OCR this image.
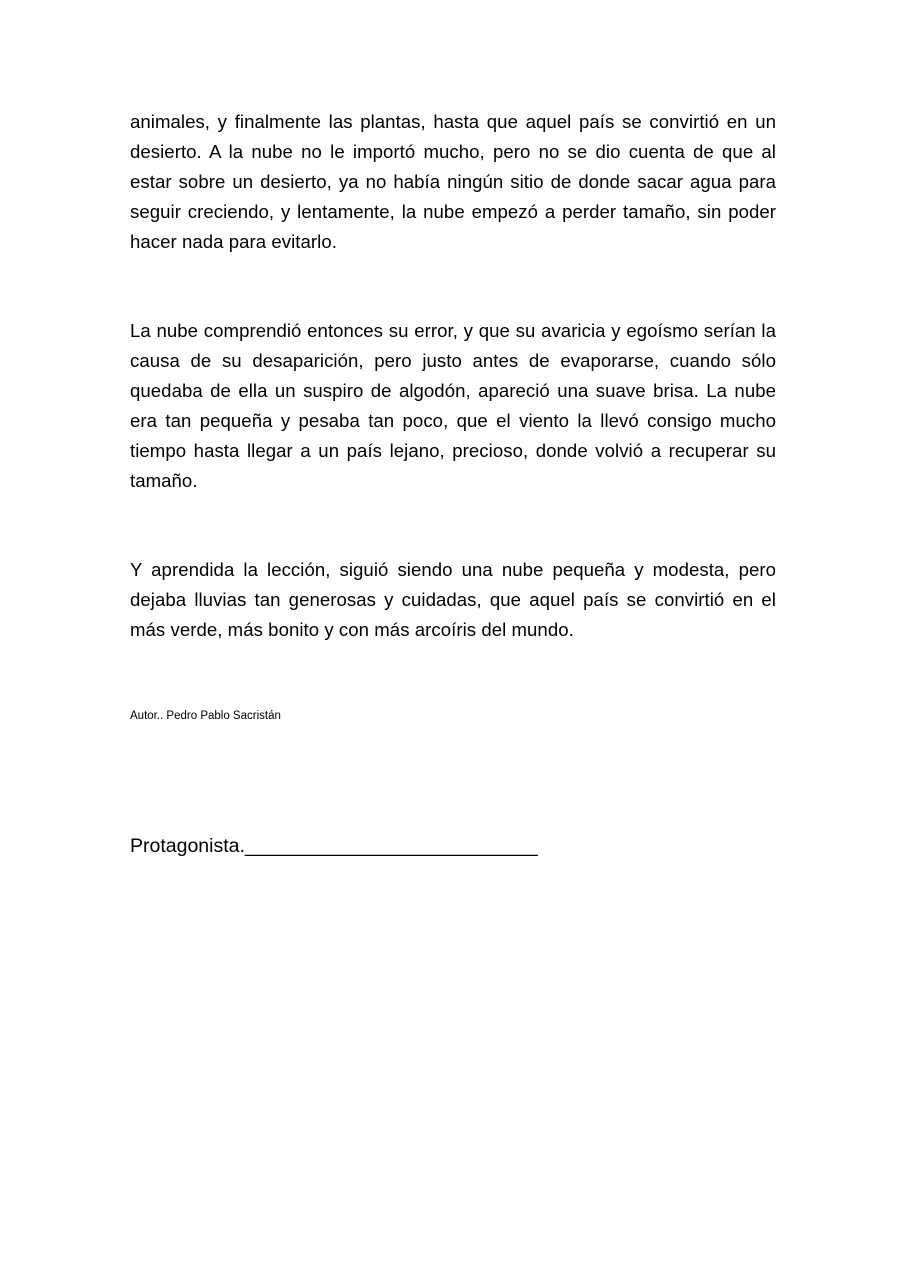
animales, y finalmente las plantas, hasta que aquel país se convirtió en un desierto. A la nube no le importó mucho, pero no se dio cuenta de que al estar sobre un desierto, ya no había ningún sitio de donde sacar agua para seguir creciendo, y lentamente, la nube empezó a perder tamaño, sin poder hacer nada para evitarlo.

La nube comprendió entonces su error, y que su avaricia y egoísmo serían la causa de su desaparición, pero justo antes de evaporarse, cuando sólo quedaba de ella un suspiro de algodón, apareció una suave brisa. La nube era tan pequeña y pesaba tan poco, que el viento la llevó consigo mucho tiempo hasta llegar a un país lejano, precioso, donde volvió a recuperar su tamaño.

Y aprendida la lección, siguió siendo una nube pequeña y modesta, pero dejaba lluvias tan generosas y cuidadas, que aquel país se convirtió en el más verde, más bonito y con más arcoíris del mundo.

Autor.. Pedro Pablo Sacristán

Protagonista.___________________________
